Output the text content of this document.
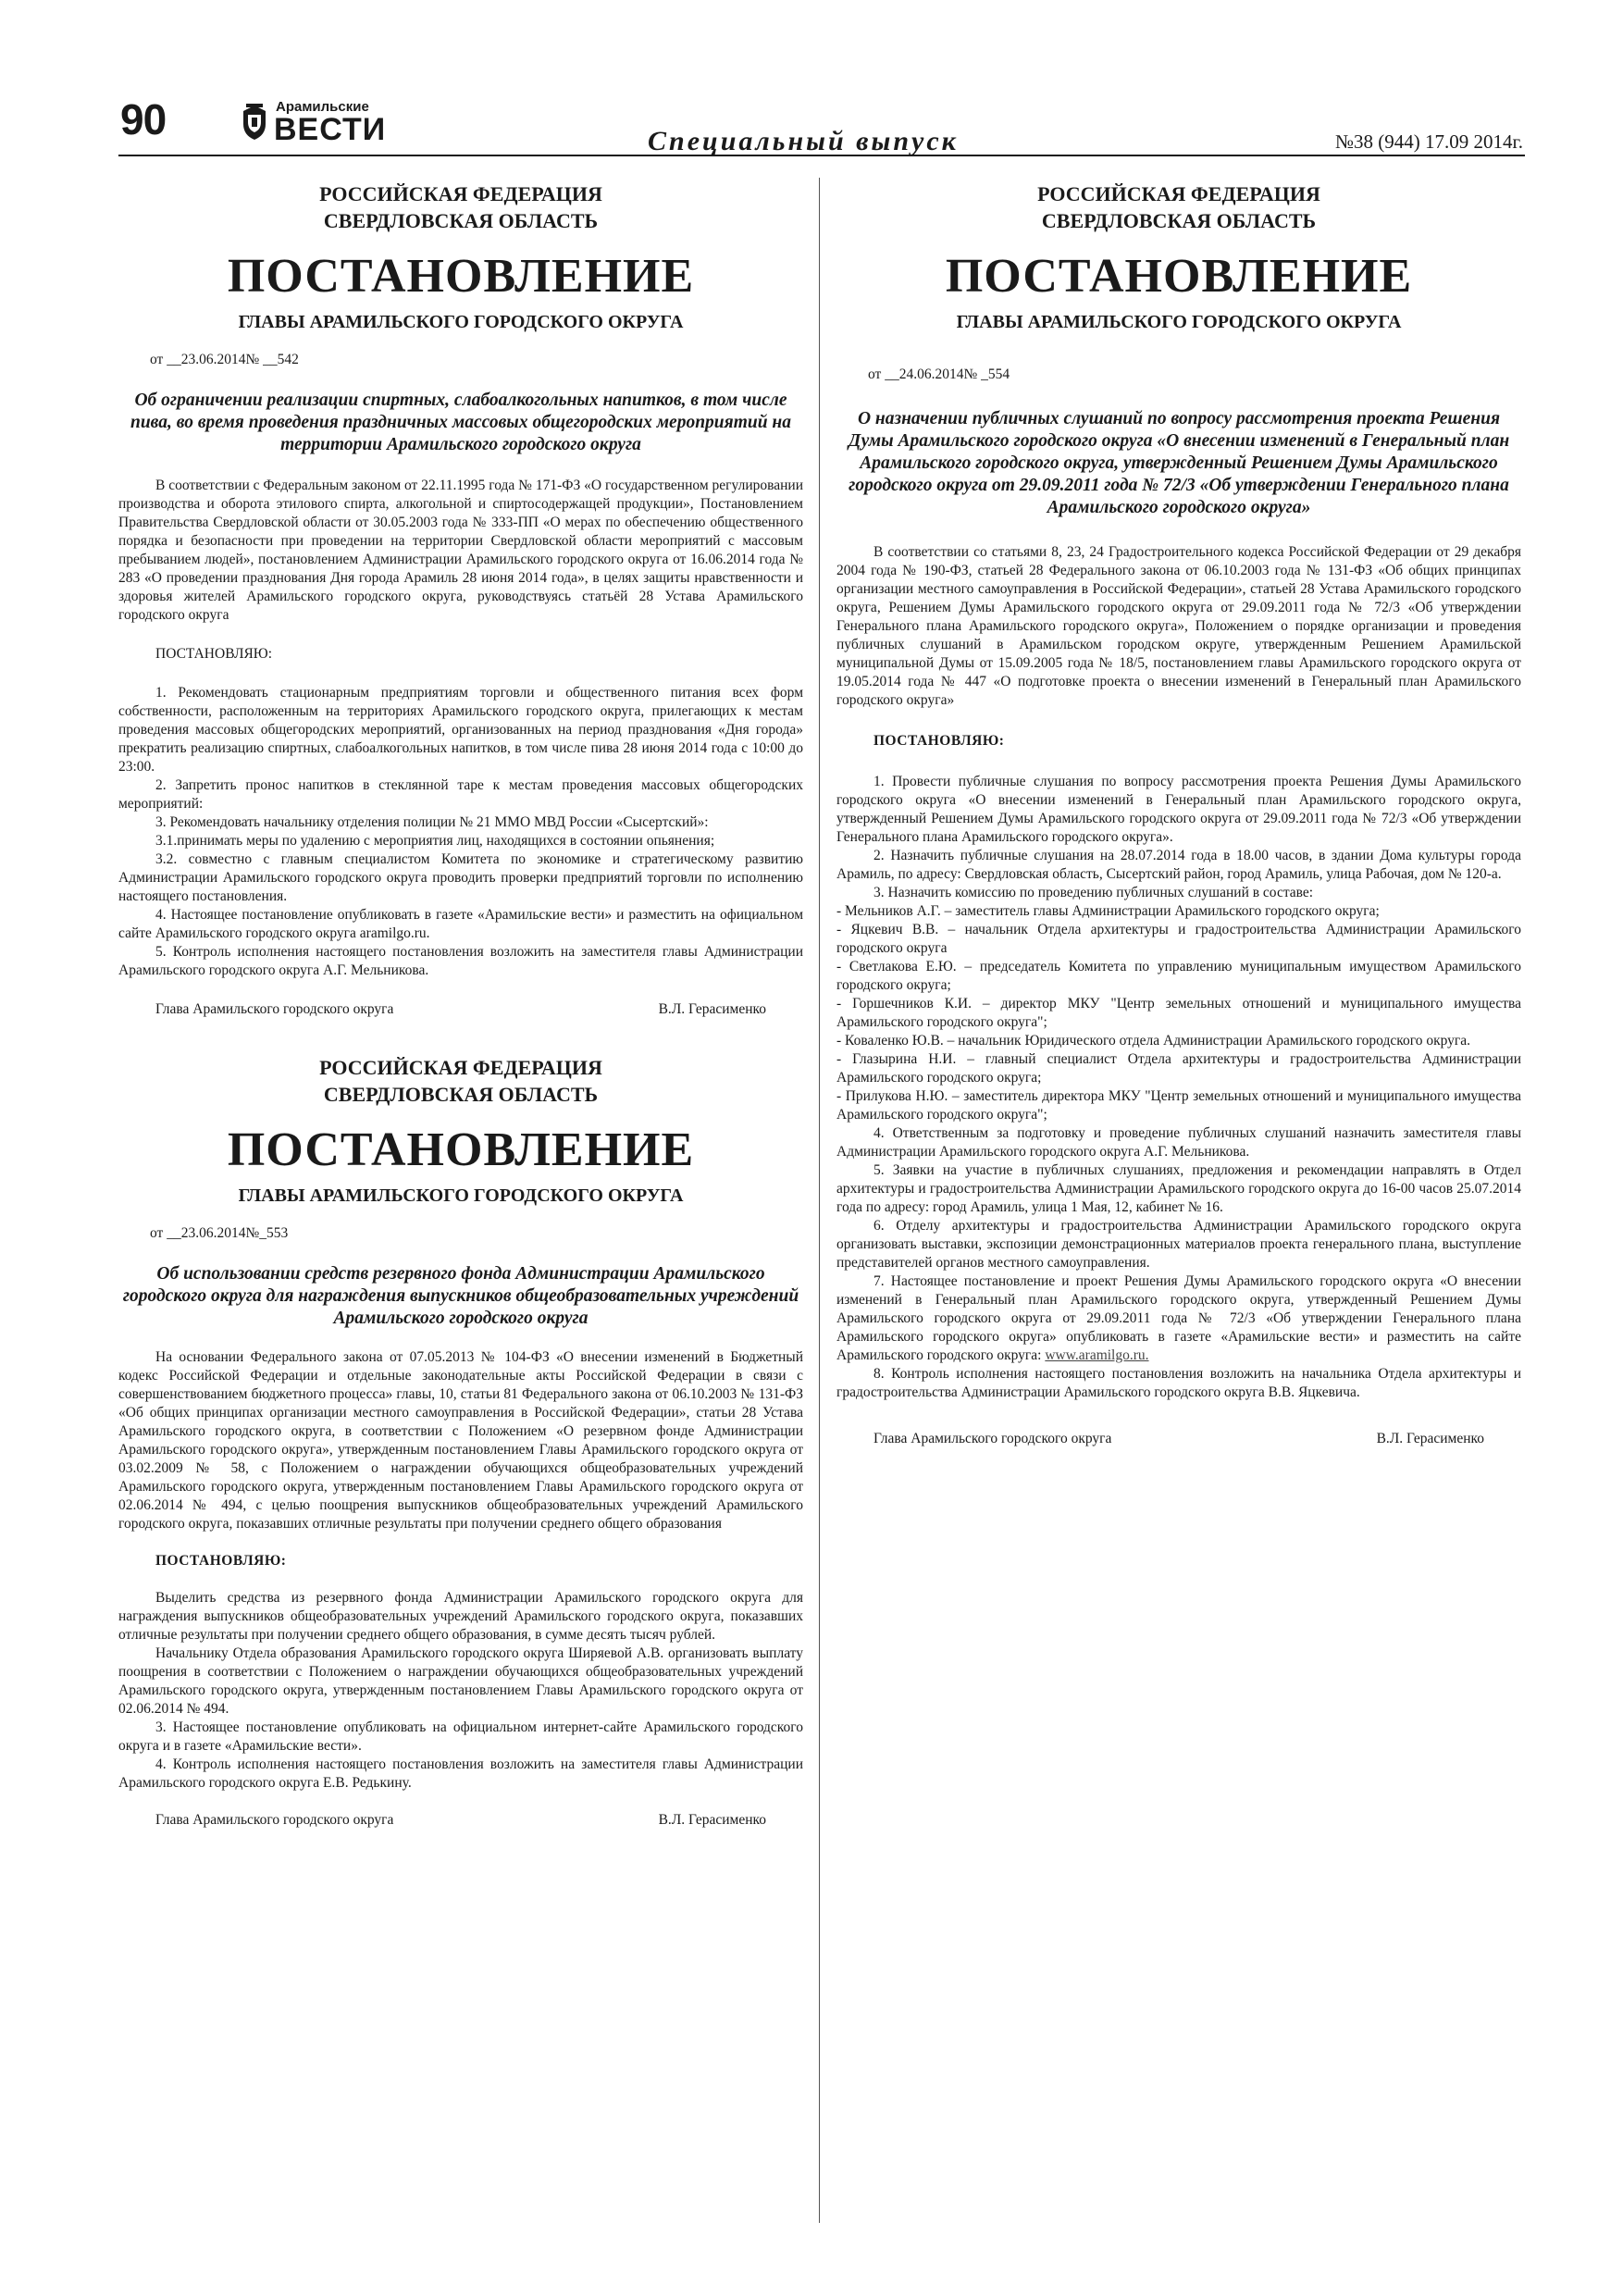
90	Арамильские
ВЕСТИ	Специальный выпуск	№38 (944) 17.09 2014г.
РОССИЙСКАЯ ФЕДЕРАЦИЯ
СВЕРДЛОВСКАЯ ОБЛАСТЬ
ПОСТАНОВЛЕНИЕ
ГЛАВЫ АРАМИЛЬСКОГО ГОРОДСКОГО ОКРУГА
от __23.06.2014№ __542
Об ограничении реализации спиртных, слабоалкогольных напитков, в том числе пива, во время проведения праздничных массовых общегородских мероприятий на территории Арамильского городского округа

В соответствии с Федеральным законом от 22.11.1995 года № 171-ФЗ «О государственном регулировании производства и оборота этилового спирта, алкогольной и спиртосодержащей продукции», Постановлением Правительства Свердловской области от 30.05.2003 года № 333-ПП «О мерах по обеспечению общественного порядка и безопасности при проведении на территории Свердловской области мероприятий с массовым пребыванием людей», постановлением Администрации Арамильского городского округа от 16.06.2014 года № 283 «О проведении празднования Дня города Арамиль 28 июня 2014 года», в целях защиты нравственности и здоровья жителей Арамильского городского округа, руководствуясь статьёй 28 Устава Арамильского городского округа

ПОСТАНОВЛЯЮ:

1. Рекомендовать стационарным предприятиям торговли и общественного питания всех форм собственности, расположенным на территориях Арамильского городского округа, прилегающих к местам проведения массовых общегородских мероприятий, организованных на период празднования «Дня города» прекратить реализацию спиртных, слабоалкогольных напитков, в том числе пива 28 июня 2014 года с 10:00 до 23:00.

2. Запретить пронос напитков в стеклянной таре к местам проведения массовых общегородских мероприятий:

3. Рекомендовать начальнику отделения полиции № 21 ММО МВД России «Сысертский»:

3.1.принимать меры по удалению с мероприятия лиц, находящихся в состоянии опьянения;

3.2. совместно с главным специалистом Комитета по экономике и стратегическому развитию Администрации Арамильского городского округа проводить проверки предприятий торговли по исполнению настоящего постановления.

4. Настоящее постановление опубликовать в газете «Арамильские вести» и разместить на официальном сайте Арамильского городского округа aramilgo.ru.

5. Контроль исполнения настоящего постановления возложить на заместителя главы Администрации Арамильского городского округа А.Г. Мельникова.

Глава Арамильского городского округа	В.Л. Герасименко
РОССИЙСКАЯ ФЕДЕРАЦИЯ
СВЕРДЛОВСКАЯ ОБЛАСТЬ
ПОСТАНОВЛЕНИЕ
ГЛАВЫ АРАМИЛЬСКОГО ГОРОДСКОГО ОКРУГА
от __23.06.2014№_553
Об использовании средств резервного фонда Администрации Арамильского городского округа для награждения выпускников общеобразовательных учреждений Арамильского городского округа

На основании Федерального закона от 07.05.2013 № 104-ФЗ «О внесении изменений в Бюджетный кодекс Российской Федерации и отдельные законодательные акты Российской Федерации в связи с совершенствованием бюджетного процесса» главы, 10, статьи 81 Федерального закона от 06.10.2003 № 131-ФЗ «Об общих принципах организации местного самоуправления в Российской Федерации», статьи 28 Устава Арамильского городского округа, в соответствии с Положением «О резервном фонде Администрации Арамильского городского округа», утвержденным постановлением Главы Арамильского городского округа от 03.02.2009 № 58, с Положением о награждении обучающихся общеобразовательных учреждений Арамильского городского округа, утвержденным постановлением Главы Арамильского городского округа от 02.06.2014 № 494, с целью поощрения выпускников общеобразовательных учреждений Арамильского городского округа, показавших отличные результаты при получении среднего общего образования

ПОСТАНОВЛЯЮ:

Выделить средства из резервного фонда Администрации Арамильского городского округа для награждения выпускников общеобразовательных учреждений Арамильского городского округа, показавших отличные результаты при получении среднего общего образования, в сумме десять тысяч рублей.

Начальнику Отдела образования Арамильского городского округа Ширяевой А.В. организовать выплату поощрения в соответствии с Положением о награждении обучающихся общеобразовательных учреждений Арамильского городского округа, утвержденным постановлением Главы Арамильского городского округа от 02.06.2014 № 494.

3. Настоящее постановление опубликовать на официальном интернет-сайте Арамильского городского округа и в газете «Арамильские вести».

4. Контроль исполнения настоящего постановления возложить на заместителя главы Администрации Арамильского городского округа Е.В. Редькину.

Глава Арамильского городского округа	В.Л. Герасименко
РОССИЙСКАЯ ФЕДЕРАЦИЯ
СВЕРДЛОВСКАЯ ОБЛАСТЬ
ПОСТАНОВЛЕНИЕ
ГЛАВЫ АРАМИЛЬСКОГО ГОРОДСКОГО ОКРУГА
от __24.06.2014№ _554
О назначении публичных слушаний по вопросу рассмотрения проекта Решения Думы Арамильского городского округа «О внесении изменений в Генеральный план Арамильского городского округа, утвержденный Решением Думы Арамильского городского округа от 29.09.2011 года № 72/3 «Об утверждении Генерального плана Арамильского городского округа»

В соответствии со статьями 8, 23, 24 Градостроительного кодекса Российской Федерации от 29 декабря 2004 года № 190-ФЗ, статьей 28 Федерального закона от 06.10.2003 года № 131-ФЗ «Об общих принципах организации местного самоуправления в Российской Федерации», статьей 28 Устава Арамильского городского округа, Решением Думы Арамильского городского округа от 29.09.2011 года № 72/3 «Об утверждении Генерального плана Арамильского городского округа», Положением о порядке организации и проведения публичных слушаний в Арамильском городском округе, утвержденным Решением Арамильской муниципальной Думы от 15.09.2005 года № 18/5, постановлением главы Арамильского городского округа от 19.05.2014 года № 447 «О подготовке проекта о внесении изменений в Генеральный план Арамильского городского округа»

ПОСТАНОВЛЯЮ:

1. Провести публичные слушания по вопросу рассмотрения проекта Решения Думы Арамильского городского округа «О внесении изменений в Генеральный план Арамильского городского округа, утвержденный Решением Думы Арамильского городского округа от 29.09.2011 года № 72/3 «Об утверждении Генерального плана Арамильского городского округа».

2. Назначить публичные слушания на 28.07.2014 года в 18.00 часов, в здании Дома культуры города Арамиль, по адресу: Свердловская область, Сысертский район, город Арамиль, улица Рабочая, дом № 120-а.

3. Назначить комиссию по проведению публичных слушаний в составе:

- Мельников А.Г. – заместитель главы Администрации Арамильского городского округа;

- Яцкевич В.В. – начальник Отдела архитектуры и градостроительства Администрации Арамильского городского округа

- Светлакова Е.Ю. – председатель Комитета по управлению муниципальным имуществом Арамильского городского округа;

- Горшечников К.И. – директор МКУ "Центр земельных отношений и муниципального имущества Арамильского городского округа";

- Коваленко Ю.В. – начальник Юридического отдела Администрации Арамильского городского округа.

- Глазырина Н.И. – главный специалист Отдела архитектуры и градостроительства Администрации Арамильского городского округа;

- Прилукова Н.Ю. – заместитель директора МКУ "Центр земельных отношений и муниципального имущества Арамильского городского округа";

4. Ответственным за подготовку и проведение публичных слушаний назначить заместителя главы Администрации Арамильского городского округа А.Г. Мельникова.

5. Заявки на участие в публичных слушаниях, предложения и рекомендации направлять в Отдел архитектуры и градостроительства Администрации Арамильского городского округа до 16-00 часов 25.07.2014 года по адресу: город Арамиль, улица 1 Мая, 12, кабинет № 16.

6. Отделу архитектуры и градостроительства Администрации Арамильского городского округа организовать выставки, экспозиции демонстрационных материалов проекта генерального плана, выступление представителей органов местного самоуправления.

7. Настоящее постановление и проект Решения Думы Арамильского городского округа «О внесении изменений в Генеральный план Арамильского городского округа, утвержденный Решением Думы Арамильского городского округа от 29.09.2011 года № 72/3 «Об утверждении Генерального плана Арамильского городского округа» опубликовать в газете «Арамильские вести» и разместить на сайте Арамильского городского округа: www.aramilgo.ru.

8. Контроль исполнения настоящего постановления возложить на начальника Отдела архитектуры и градостроительства Администрации Арамильского городского округа В.В. Яцкевича.

Глава Арамильского городского округа	В.Л. Герасименко
